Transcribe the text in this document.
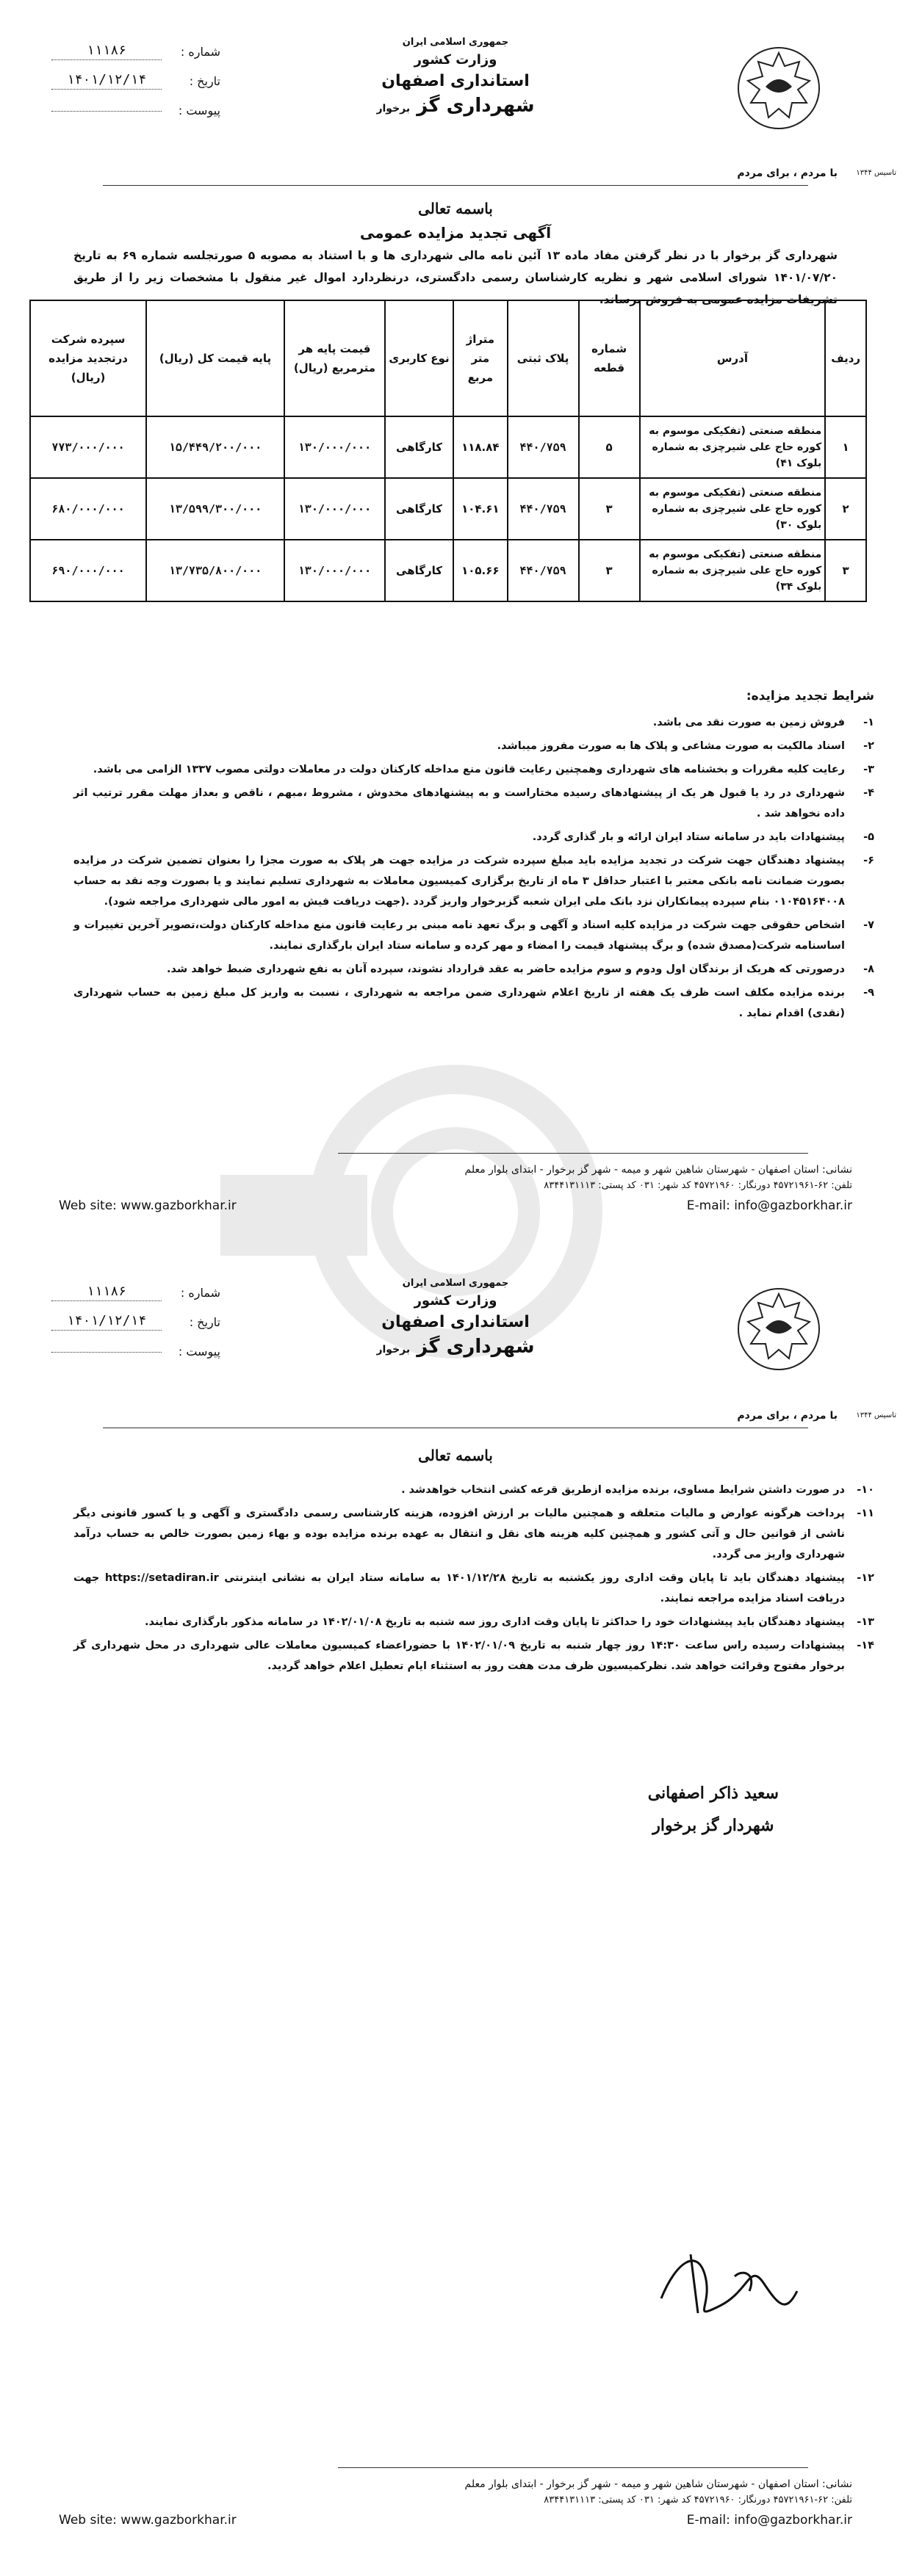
جمهوری اسلامی ایران
وزارت کشور
استانداری اصفهان
شهرداری گز برخوار
شماره :
۱۱۱۸۶
تاریخ :
۱۴۰۱/۱۲/۱۴
پیوست :
با مردم ، برای مردم	تاسیس ۱۳۴۴
باسمه تعالی
آگهی تجدید مزایده عمومی
شهرداری گز برخوار با در نظر گرفتن مفاد ماده ۱۳ آئین نامه مالی شهرداری ها و با استناد به مصوبه ۵ صورتجلسه شماره ۶۹ به تاریخ ۱۴۰۱/۰۷/۲۰ شورای اسلامی شهر و نظریه کارشناسان رسمی دادگستری، درنظردارد اموال غیر منقول با مشخصات زیر را از طریق تشریفات مزایده عمومی به فروش برساند.
ردیف	آدرس	شماره قطعه	پلاک ثبتی	متراژ متر مربع	نوع کاربری	قیمت پایه هر مترمربع (ریال)	پایه قیمت کل (ریال)	سپرده شرکت درتجدید مزایده (ریال)
۱	منطقه صنعتی (تفکیکی موسوم به کوره حاج علی شیرچزی به شماره بلوک ۴۱)	۵	۴۴۰/۷۵۹	۱۱۸.۸۴	کارگاهی	۱۳۰/۰۰۰/۰۰۰	۱۵/۴۴۹/۲۰۰/۰۰۰	۷۷۳/۰۰۰/۰۰۰
۲	منطقه صنعتی (تفکیکی موسوم به کوره حاج علی شیرچزی به شماره بلوک ۳۰)	۳	۴۴۰/۷۵۹	۱۰۴.۶۱	کارگاهی	۱۳۰/۰۰۰/۰۰۰	۱۳/۵۹۹/۳۰۰/۰۰۰	۶۸۰/۰۰۰/۰۰۰
۳	منطقه صنعتی (تفکیکی موسوم به کوره حاج علی شیرچزی به شماره بلوک ۳۴)	۳	۴۴۰/۷۵۹	۱۰۵.۶۶	کارگاهی	۱۳۰/۰۰۰/۰۰۰	۱۳/۷۳۵/۸۰۰/۰۰۰	۶۹۰/۰۰۰/۰۰۰
شرایط تجدید مزایده:
۱-
فروش زمین به صورت نقد می باشد.
۲-
اسناد مالکیت به صورت مشاعی و پلاک ها به صورت مفروز میباشد.
۳-
رعایت کلیه مقررات و بخشنامه های شهرداری وهمچنین رعایت قانون منع مداخله کارکنان دولت در معاملات دولتی مصوب ۱۳۳۷ الزامی می باشد.
۴-
شهرداری در رد یا قبول هر یک از پیشنهادهای رسیده مختاراست و به پیشنهادهای مخدوش ، مشروط ،مبهم ، ناقص و بعداز مهلت مقرر ترتیب اثر داده نخواهد شد .
۵-
پیشنهادات باید در سامانه ستاد ایران ارائه و بار گذاری گردد.
۶-
پیشنهاد دهندگان جهت شرکت در تجدید مزایده باید مبلغ سپرده شرکت در مزایده جهت هر پلاک به صورت مجزا را بعنوان تضمین شرکت در مزایده بصورت ضمانت نامه بانکی معتبر با اعتبار حداقل ۳ ماه از تاریخ برگزاری کمیسیون معاملات به شهرداری تسلیم نمایند و یا بصورت وجه نقد به حساب ۰۱۰۴۵۱۶۴۰۰۸ بنام سپرده پیمانکاران نزد بانک ملی ایران شعبه گزبرخوار واریز گردد .(جهت دریافت فیش به امور مالی شهرداری مراجعه شود).
۷-
اشخاص حقوقی جهت شرکت در مزایده کلیه اسناد و آگهی و برگ تعهد نامه مبنی بر رعایت قانون منع مداخله کارکنان دولت،تصویر آخرین تغییرات و اساسنامه شرکت(مصدق شده) و برگ پیشنهاد قیمت را امضاء و مهر کرده و سامانه ستاد ایران بارگذاری نمایند.
۸-
درصورتی که هریک از برندگان اول ودوم و سوم مزایده حاضر به عقد قرارداد نشوند، سپرده آنان به نفع شهرداری ضبط خواهد شد.
۹-
برنده مزایده مکلف است ظرف یک هفته از تاریخ اعلام شهرداری ضمن مراجعه به شهرداری ، نسبت به واریز کل مبلغ زمین به حساب شهرداری (نقدی) اقدام نماید .
نشانی: استان اصفهان - شهرستان شاهین شهر و میمه - شهر گز برخوار - ابتدای بلوار معلم
تلفن: ۶۲-۴۵۷۲۱۹۶۱ دورنگار: ۴۵۷۲۱۹۶۰ کد شهر: ۰۳۱ کد پستی: ۸۳۴۴۱۳۱۱۱۳
Web site: www.gazborkhar.ir	E-mail: info@gazborkhar.ir
جمهوری اسلامی ایران
وزارت کشور
استانداری اصفهان
شهرداری گز برخوار
شماره :
۱۱۱۸۶
تاریخ :
۱۴۰۱/۱۲/۱۴
پیوست :
با مردم ، برای مردم	تاسیس ۱۳۴۴
باسمه تعالی
۱۰-
در صورت داشتن شرایط مساوی، برنده مزایده ازطریق قرعه کشی انتخاب خواهدشد .
۱۱-
پرداخت هرگونه عوارض و مالیات متعلقه و همچنین مالیات بر ارزش افزوده، هزینه کارشناسی رسمی دادگستری و آگهی و یا کسور قانونی دیگر ناشی از قوانین حال و آتی کشور و همچنین کلیه هزینه های نقل و انتقال به عهده برنده مزایده بوده و بهاء زمین بصورت خالص به حساب درآمد شهرداری واریز می گردد.
۱۲-
پیشنهاد دهندگان باید تا پایان وقت اداری روز یکشنبه به تاریخ ۱۴۰۱/۱۲/۲۸ به سامانه ستاد ایران به نشانی اینترنتی https://setadiran.ir جهت دریافت اسناد مزایده مراجعه نمایند.
۱۳-
پیشنهاد دهندگان باید پیشنهادات خود را حداکثر تا پایان وقت اداری روز سه شنبه به تاریخ ۱۴۰۲/۰۱/۰۸ در سامانه مذکور بارگذاری نمایند.
۱۴-
پیشنهادات رسیده راس ساعت ۱۴:۳۰ روز چهار شنبه به تاریخ ۱۴۰۲/۰۱/۰۹ با حضوراعضاء کمیسیون معاملات عالی شهرداری در محل شهرداری گز برخوار مفتوح وقرائت خواهد شد. نظرکمیسیون ظرف مدت هفت روز به استثناء ایام تعطیل اعلام خواهد گردید.
سعید ذاکر اصفهانی
شهردار گز برخوار
نشانی: استان اصفهان - شهرستان شاهین شهر و میمه - شهر گز برخوار - ابتدای بلوار معلم
تلفن: ۶۲-۴۵۷۲۱۹۶۱ دورنگار: ۴۵۷۲۱۹۶۰ کد شهر: ۰۳۱ کد پستی: ۸۳۴۴۱۳۱۱۱۳
Web site: www.gazborkhar.ir	E-mail: info@gazborkhar.ir
